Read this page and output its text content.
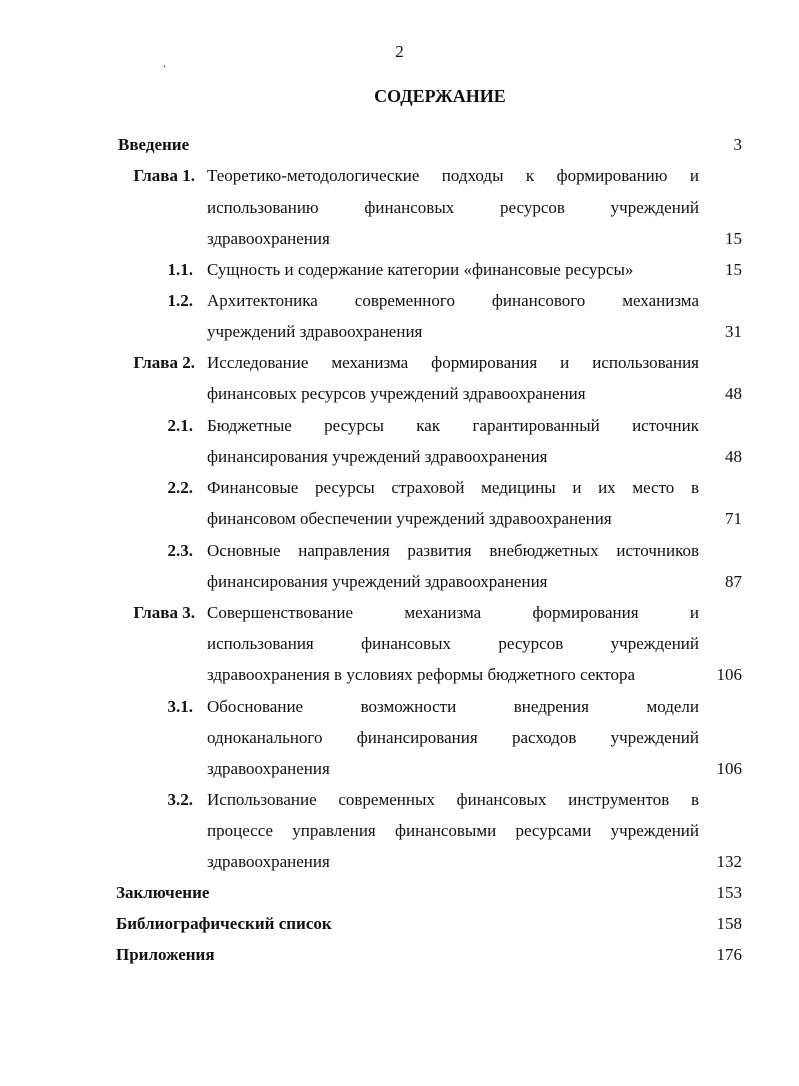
2
.
СОДЕРЖАНИЕ
Введение	3
Глава 1. Теоретико-методологические подходы к формированию и
использованию финансовых ресурсов учреждений
здравоохранения	15
1.1. Сущность и содержание категории «финансовые ресурсы»	15
1.2. Архитектоника современного финансового механизма
учреждений здравоохранения	31
Глава 2. Исследование механизма формирования и использования
финансовых ресурсов учреждений здравоохранения	48
2.1. Бюджетные ресурсы как гарантированный источник
финансирования учреждений здравоохранения	48
2.2. Финансовые ресурсы страховой медицины и их место в
финансовом обеспечении учреждений здравоохранения	71
2.3. Основные направления развития внебюджетных источников
финансирования учреждений здравоохранения	87
Глава 3. Совершенствование механизма формирования и
использования финансовых ресурсов учреждений
здравоохранения в условиях реформы бюджетного сектора	106
3.1. Обоснование возможности внедрения модели
одноканального финансирования расходов учреждений
здравоохранения	106
3.2. Использование современных финансовых инструментов в
процессе управления финансовыми ресурсами учреждений
здравоохранения	132
Заключение	153
Библиографический список	158
Приложения	176
